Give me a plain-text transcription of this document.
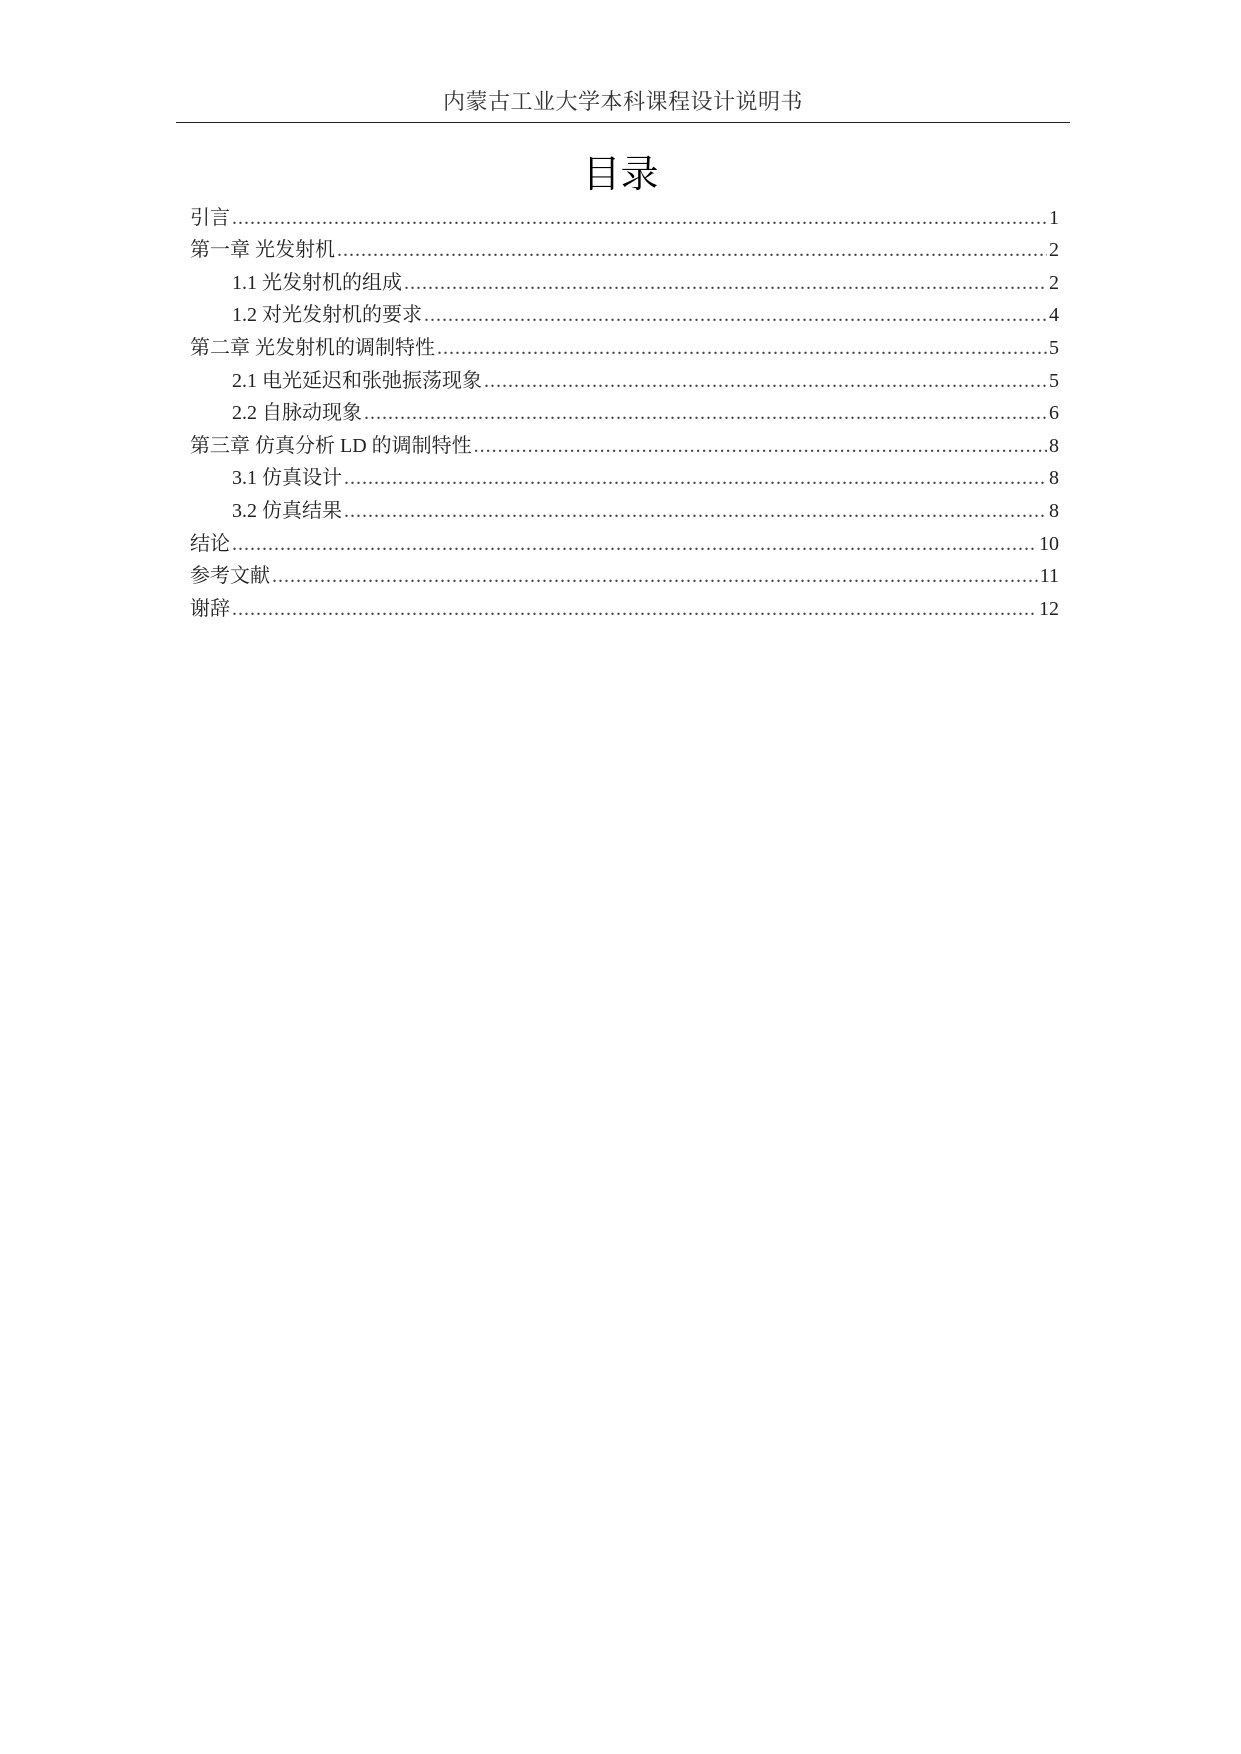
内蒙古工业大学本科课程设计说明书
目录
引言 .....	1
第一章 光发射机 .....	2
1.1 光发射机的组成 .....	2
1.2 对光发射机的要求 .....	4
第二章 光发射机的调制特性 .....	5
2.1 电光延迟和张弛振荡现象 .....	5
2.2 自脉动现象 .....	6
第三章 仿真分析 LD 的调制特性 .....	8
3.1 仿真设计 .....	8
3.2 仿真结果 .....	8
结论 .....	10
参考文献 .....	11
谢辞 .....	12
